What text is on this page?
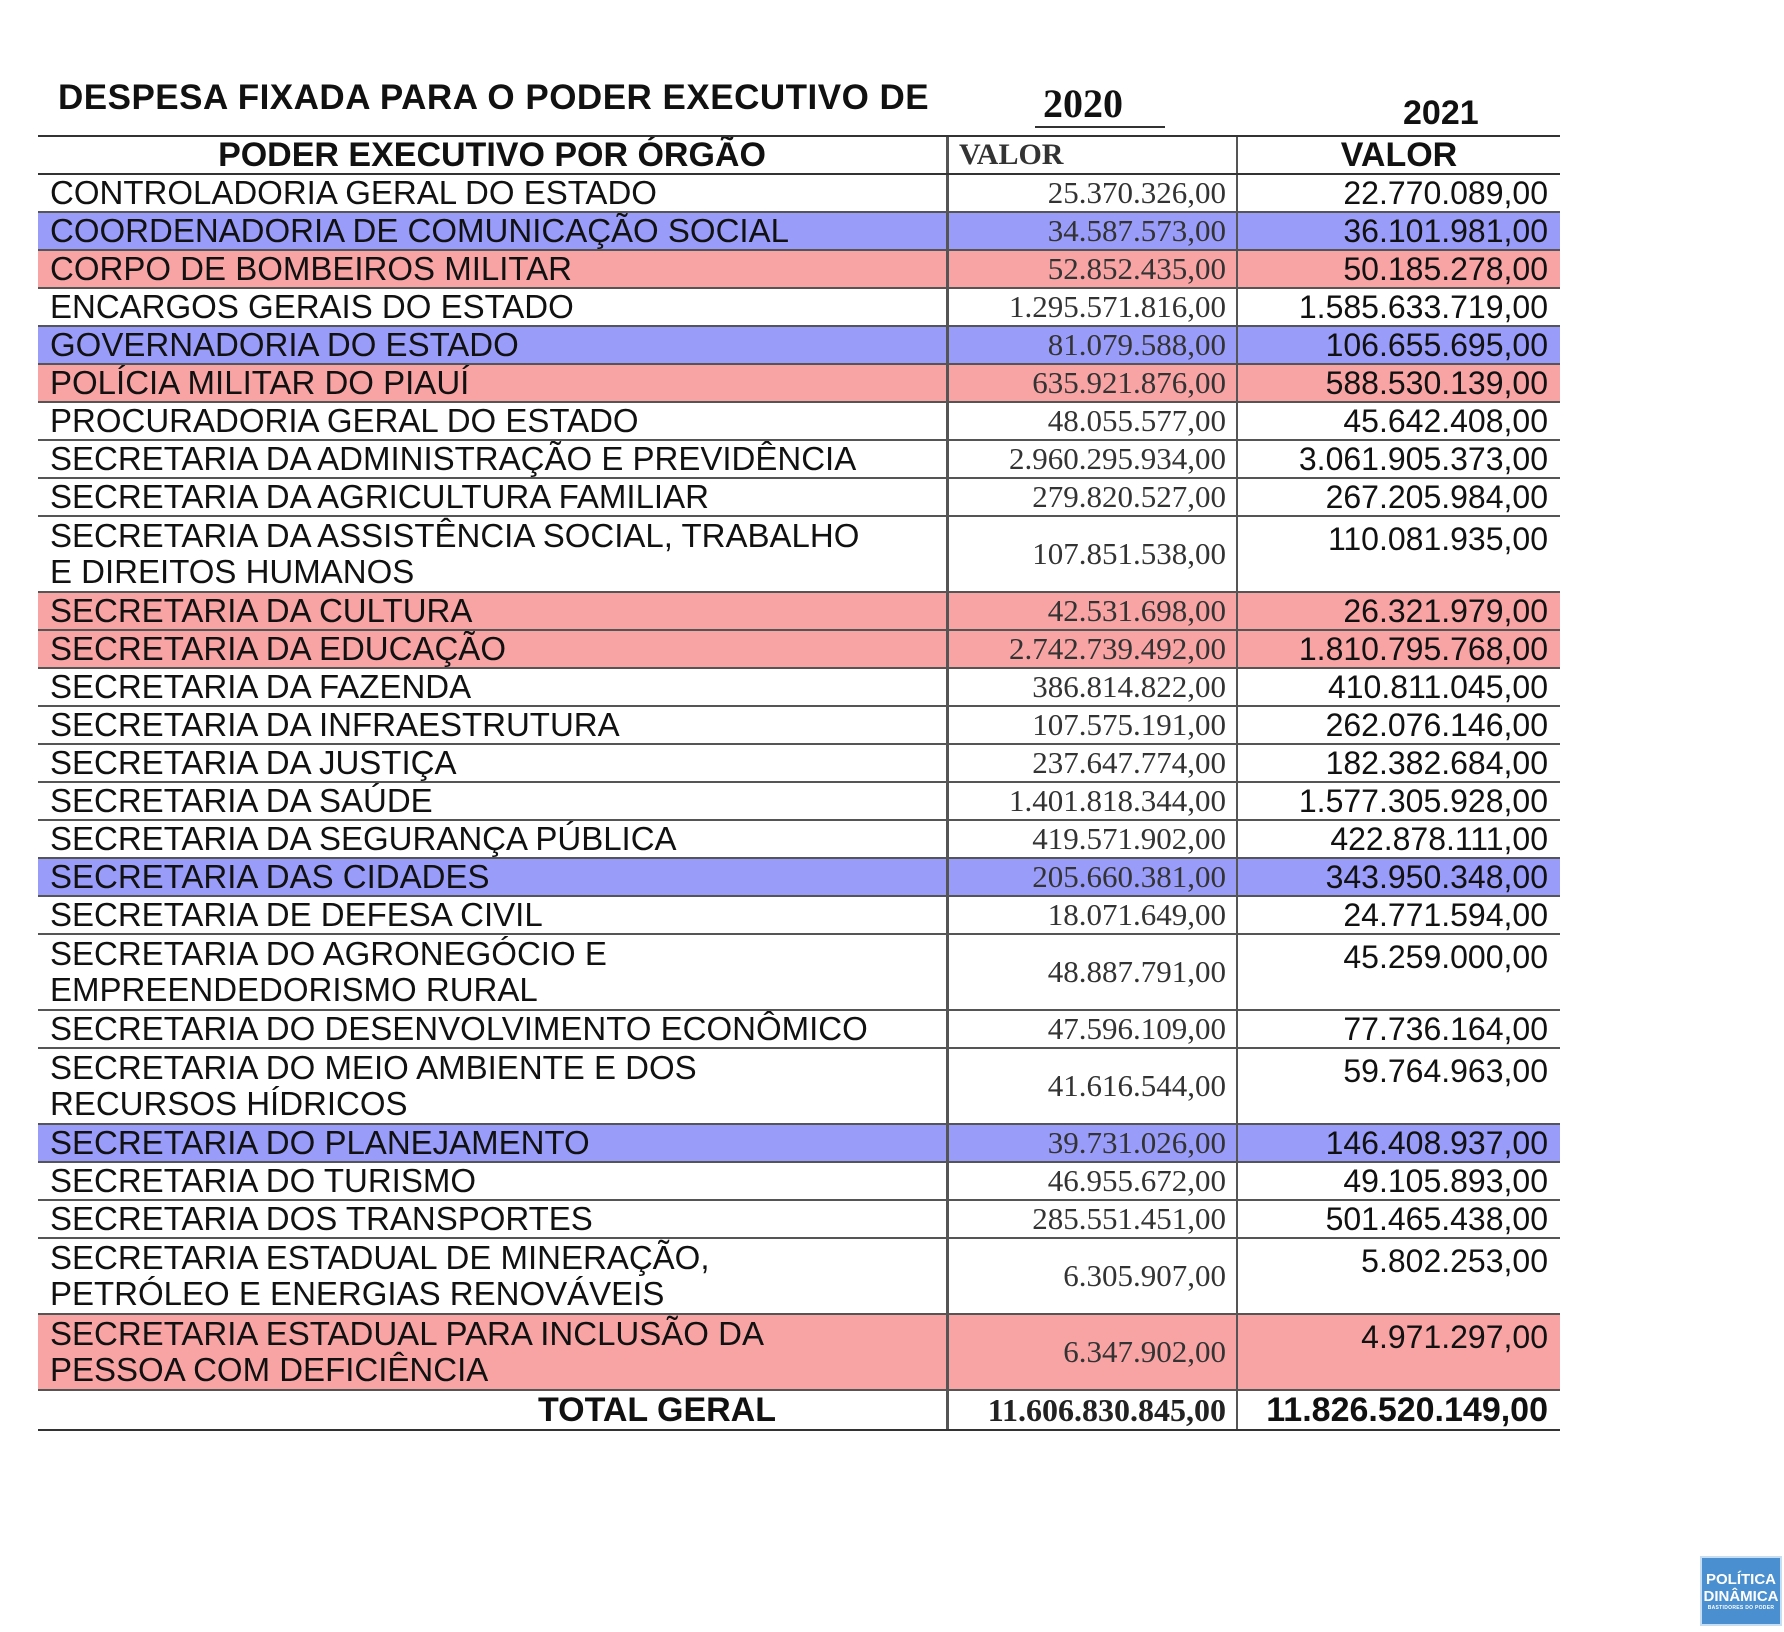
DESPESA FIXADA PARA O PODER EXECUTIVO DE	2020	2021
PODER EXECUTIVO POR ÓRGÃO	VALOR	VALOR
CONTROLADORIA GERAL DO ESTADO	25.370.326,00	22.770.089,00
COORDENADORIA DE COMUNICAÇÃO SOCIAL	34.587.573,00	36.101.981,00
CORPO DE BOMBEIROS MILITAR	52.852.435,00	50.185.278,00
ENCARGOS GERAIS DO ESTADO	1.295.571.816,00	1.585.633.719,00
GOVERNADORIA DO ESTADO	81.079.588,00	106.655.695,00
POLÍCIA MILITAR DO PIAUÍ	635.921.876,00	588.530.139,00
PROCURADORIA GERAL DO ESTADO	48.055.577,00	45.642.408,00
SECRETARIA DA ADMINISTRAÇÃO E PREVIDÊNCIA	2.960.295.934,00	3.061.905.373,00
SECRETARIA DA AGRICULTURA FAMILIAR	279.820.527,00	267.205.984,00
SECRETARIA DA ASSISTÊNCIA SOCIAL, TRABALHO
E DIREITOS HUMANOS	107.851.538,00	110.081.935,00
SECRETARIA DA CULTURA	42.531.698,00	26.321.979,00
SECRETARIA DA EDUCAÇÃO	2.742.739.492,00	1.810.795.768,00
SECRETARIA DA FAZENDA	386.814.822,00	410.811.045,00
SECRETARIA DA INFRAESTRUTURA	107.575.191,00	262.076.146,00
SECRETARIA DA JUSTIÇA	237.647.774,00	182.382.684,00
SECRETARIA DA SAÚDE	1.401.818.344,00	1.577.305.928,00
SECRETARIA DA SEGURANÇA PÚBLICA	419.571.902,00	422.878.111,00
SECRETARIA DAS CIDADES	205.660.381,00	343.950.348,00
SECRETARIA DE DEFESA CIVIL	18.071.649,00	24.771.594,00
SECRETARIA DO AGRONEGÓCIO E
EMPREENDEDORISMO RURAL	48.887.791,00	45.259.000,00
SECRETARIA DO DESENVOLVIMENTO ECONÔMICO	47.596.109,00	77.736.164,00
SECRETARIA DO MEIO AMBIENTE E DOS
RECURSOS HÍDRICOS	41.616.544,00	59.764.963,00
SECRETARIA DO PLANEJAMENTO	39.731.026,00	146.408.937,00
SECRETARIA DO TURISMO	46.955.672,00	49.105.893,00
SECRETARIA DOS TRANSPORTES	285.551.451,00	501.465.438,00
SECRETARIA ESTADUAL DE MINERAÇÃO,
PETRÓLEO E ENERGIAS RENOVÁVEIS	6.305.907,00	5.802.253,00
SECRETARIA ESTADUAL PARA INCLUSÃO DA
PESSOA COM DEFICIÊNCIA	6.347.902,00	4.971.297,00
TOTAL GERAL	11.606.830.845,00	11.826.520.149,00
POLÍTICA
DINÂMICA
BASTIDORES DO PODER
